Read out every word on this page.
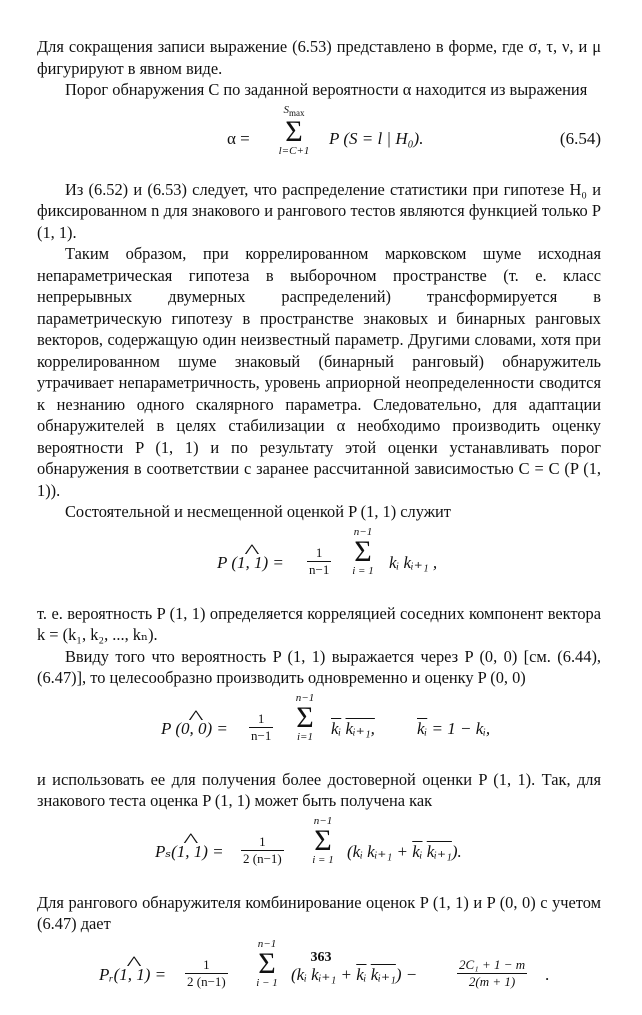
Для сокращения записи выражение (6.53) представлено в форме, где σ, τ, ν, и μ фигурируют в явном виде.

Порог обнаружения C по заданной вероятности α находится из выражения

α =
$S_{max}$
Σ
l=C+1
P (S = l | H₀).	(6.54)

Из (6.52) и (6.53) следует, что распределение статистики при гипотезе H₀ и фиксированном n для знакового и рангового тестов являются функцией только P (1, 1).

Таким образом, при коррелированном марковском шуме исходная непараметрическая гипотеза в выборочном пространстве (т. е. класс непрерывных двумерных распределений) трансформируется в параметрическую гипотезу в пространстве знаковых и бинарных ранговых векторов, содержащую один неизвестный параметр. Другими словами, хотя при коррелированном шуме знаковый (бинарный ранговый) обнаружитель утрачивает непараметричность, уровень априорной неопределенности сводится к незнанию одного скалярного параметра. Следовательно, для адаптации обнаружителей в целях стабилизации α необходимо производить оценку вероятности P (1, 1) и по результату этой оценки устанавливать порог обнаружения в соответствии с заранее рассчитанной зависимостью C = C (P (1, 1)).

Состоятельной и несмещенной оценкой P (1, 1) служит

^ P (1, $1) = \frac{1}{n-1}$
n−1
Σ
i = 1 kᵢ kᵢ₊₁ ,

т. е. вероятность P (1, 1) определяется корреляцией соседних компонент вектора k = (k₁, k₂, ..., kₙ).

Ввиду того что вероятность P (1, 1) выражается через P (0, 0) [см. (6.44), (6.47)], то целесообразно производить одновременно и оценку P (0, 0)

^ P (0, $0) = \frac{1}{n-1}$
n−1
Σ
i=1	$\overline{kᵢ}$ kᵢ₊₁, $\overline{kᵢ} = 1$ − kᵢ,

и использовать ее для получения более достоверной оценки P (1, 1). Так, для знакового теста оценка P (1, 1) может быть получена как

^ Pₛ(1, $1) = \frac{1}{2 (n-1)}$
n−1
Σ
i = 1 (kᵢ kᵢ₊₁ + $\overline{kᵢ}$ kᵢ₊₁).

Для рангового обнаружителя комбинирование оценок P (1, 1) и P (0, 0) с учетом (6.47) дает

^ Pᵣ(1, $1) = \frac{1}{2 (n-1)}$
n−1
Σ
i − 1 (kᵢ kᵢ₊₁ + $\overline{kᵢ}$ kᵢ₊₁) −	$\frac{\text{2C₁ + 1 − m}}{2(m + 1)}$ .
363
